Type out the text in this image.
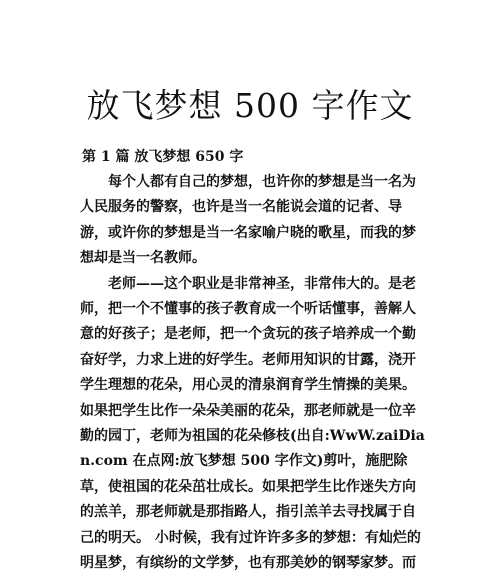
放飞梦想 500 字作文
第 1 篇 放飞梦想 650 字

每个人都有自己的梦想，也许你的梦想是当一名为人民服务的警察，也许是当一名能说会道的记者、导游，或许你的梦想是当一名家喻户晓的歌星，而我的梦想却是当一名教师。

老师——这个职业是非常神圣，非常伟大的。是老师，把一个不懂事的孩子教育成一个听话懂事，善解人意的好孩子；是老师，把一个贪玩的孩子培养成一个勤奋好学，力求上进的好学生。老师用知识的甘露，浇开学生理想的花朵，用心灵的清泉润育学生情操的美果。如果把学生比作一朵朵美丽的花朵，那老师就是一位辛勤的园丁，老师为祖国的花朵修枝(出自:WwW.zaiDian.com 在点网:放飞梦想 500 字作文)剪叶，施肥除草，使祖国的花朵茁壮成长。如果把学生比作迷失方向的羔羊，那老师就是那指路人，指引羔羊去寻找属于自己的明天。 小时候，我有过许许多多的梦想：有灿烂的明星梦，有缤纷的文学梦，也有那美妙的钢琴家梦。而
